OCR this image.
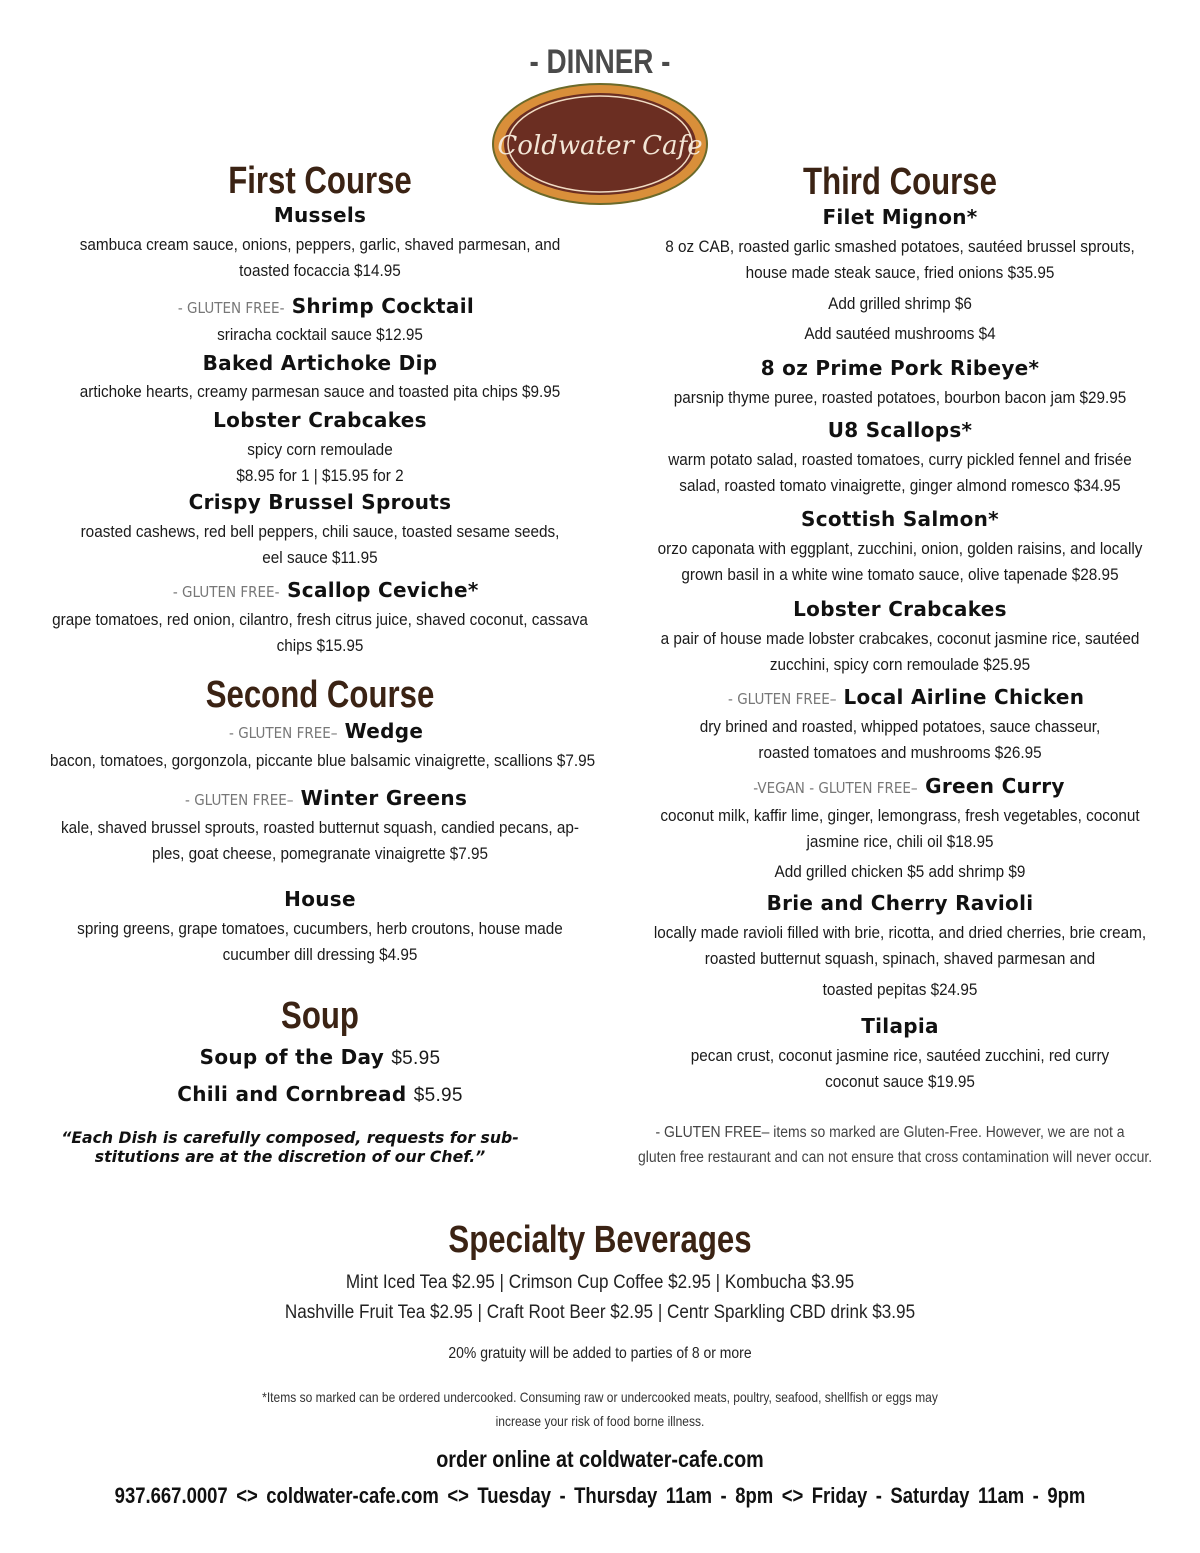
- DINNER -
Coldwater Cafe
First Course
Mussels
sambuca cream sauce, onions, peppers, garlic, shaved parmesan, and
toasted focaccia $14.95
- GLUTEN FREE- Shrimp Cocktail
sriracha cocktail sauce $12.95
Baked Artichoke Dip
artichoke hearts, creamy parmesan sauce and toasted pita chips $9.95
Lobster Crabcakes
spicy corn remoulade
$8.95 for 1 | $15.95 for 2
Crispy Brussel Sprouts
roasted cashews, red bell peppers, chili sauce, toasted sesame seeds,
eel sauce $11.95
- GLUTEN FREE- Scallop Ceviche*
grape tomatoes, red onion, cilantro, fresh citrus juice, shaved coconut, cassava
chips $15.95
Second Course
- GLUTEN FREE– Wedge
bacon, tomatoes, gorgonzola, piccante blue balsamic vinaigrette, scallions $7.95
- GLUTEN FREE– Winter Greens
kale, shaved brussel sprouts, roasted butternut squash, candied pecans, ap-
ples, goat cheese, pomegranate vinaigrette $7.95
House
spring greens, grape tomatoes, cucumbers, herb croutons, house made
cucumber dill dressing $4.95
Soup
Soup of the Day $5.95
Chili and Cornbread $5.95
“Each Dish is carefully composed, requests for sub-
stitutions are at the discretion of our Chef.”
Third Course
Filet Mignon*
8 oz CAB, roasted garlic smashed potatoes, sautéed brussel sprouts,
house made steak sauce, fried onions $35.95
Add grilled shrimp $6
Add sautéed mushrooms $4
8 oz Prime Pork Ribeye*
parsnip thyme puree, roasted potatoes, bourbon bacon jam $29.95
U8 Scallops*
warm potato salad, roasted tomatoes, curry pickled fennel and frisée
salad, roasted tomato vinaigrette, ginger almond romesco $34.95
Scottish Salmon*
orzo caponata with eggplant, zucchini, onion, golden raisins, and locally
grown basil in a white wine tomato sauce, olive tapenade $28.95
Lobster Crabcakes
a pair of house made lobster crabcakes, coconut jasmine rice, sautéed
zucchini, spicy corn remoulade $25.95
- GLUTEN FREE– Local Airline Chicken
dry brined and roasted, whipped potatoes, sauce chasseur,
roasted tomatoes and mushrooms $26.95
-VEGAN - GLUTEN FREE– Green Curry
coconut milk, kaffir lime, ginger, lemongrass, fresh vegetables, coconut
jasmine rice, chili oil $18.95
Add grilled chicken $5 add shrimp $9
Brie and Cherry Ravioli
locally made ravioli filled with brie, ricotta, and dried cherries, brie cream,
roasted butternut squash, spinach, shaved parmesan and
toasted pepitas $24.95
Tilapia
pecan crust, coconut jasmine rice, sautéed zucchini, red curry
coconut sauce $19.95
- GLUTEN FREE– items so marked are Gluten-Free. However, we are not a
gluten free restaurant and can not ensure that cross contamination will never occur.
Specialty Beverages
Mint Iced Tea $2.95 | Crimson Cup Coffee $2.95 | Kombucha $3.95
Nashville Fruit Tea $2.95 | Craft Root Beer $2.95 | Centr Sparkling CBD drink $3.95
20% gratuity will be added to parties of 8 or more
*Items so marked can be ordered undercooked. Consuming raw or undercooked meats, poultry, seafood, shellfish or eggs may
increase your risk of food borne illness.
order online at coldwater-cafe.com
937.667.0007 <> coldwater-cafe.com <> Tuesday - Thursday 11am - 8pm <> Friday - Saturday 11am - 9pm
